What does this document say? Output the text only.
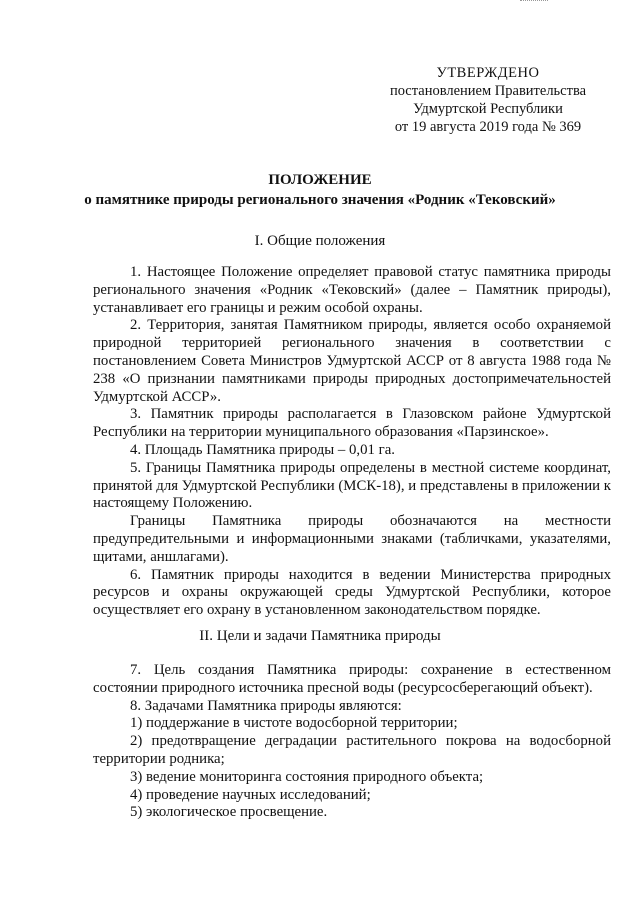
УТВЕРЖДЕНО
постановлением Правительства
Удмуртской Республики
от 19 августа 2019 года № 369
ПОЛОЖЕНИЕ
о памятнике природы регионального значения «Родник «Тековский»
I. Общие положения

1. Настоящее Положение определяет правовой статус памятника природы регионального значения «Родник «Тековский» (далее – Памятник природы), устанавливает его границы и режим особой охраны.

2. Территория, занятая Памятником природы, является особо охраняемой природной территорией регионального значения в соответствии с постановлением Совета Министров Удмуртской АССР от 8 августа 1988 года № 238 «О признании памятниками природы природных достопримечательностей Удмуртской АССР».

3. Памятник природы располагается в Глазовском районе Удмуртской Республики на территории муниципального образования «Парзинское».

4. Площадь Памятника природы – 0,01 га.

5. Границы Памятника природы определены в местной системе координат, принятой для Удмуртской Республики (МСК-18), и представлены в приложении к настоящему Положению.

Границы Памятника природы обозначаются на местности предупредительными и информационными знаками (табличками, указателями, щитами, аншлагами).

6. Памятник природы находится в ведении Министерства природных ресурсов и охраны окружающей среды Удмуртской Республики, которое осуществляет его охрану в установленном законодательством порядке.

II. Цели и задачи Памятника природы

7. Цель создания Памятника природы: сохранение в естественном состоянии природного источника пресной воды (ресурсосберегающий объект).

8. Задачами Памятника природы являются:

1) поддержание в чистоте водосборной территории;

2) предотвращение деградации растительного покрова на водосборной территории родника;

3) ведение мониторинга состояния природного объекта;

4) проведение научных исследований;

5) экологическое просвещение.
